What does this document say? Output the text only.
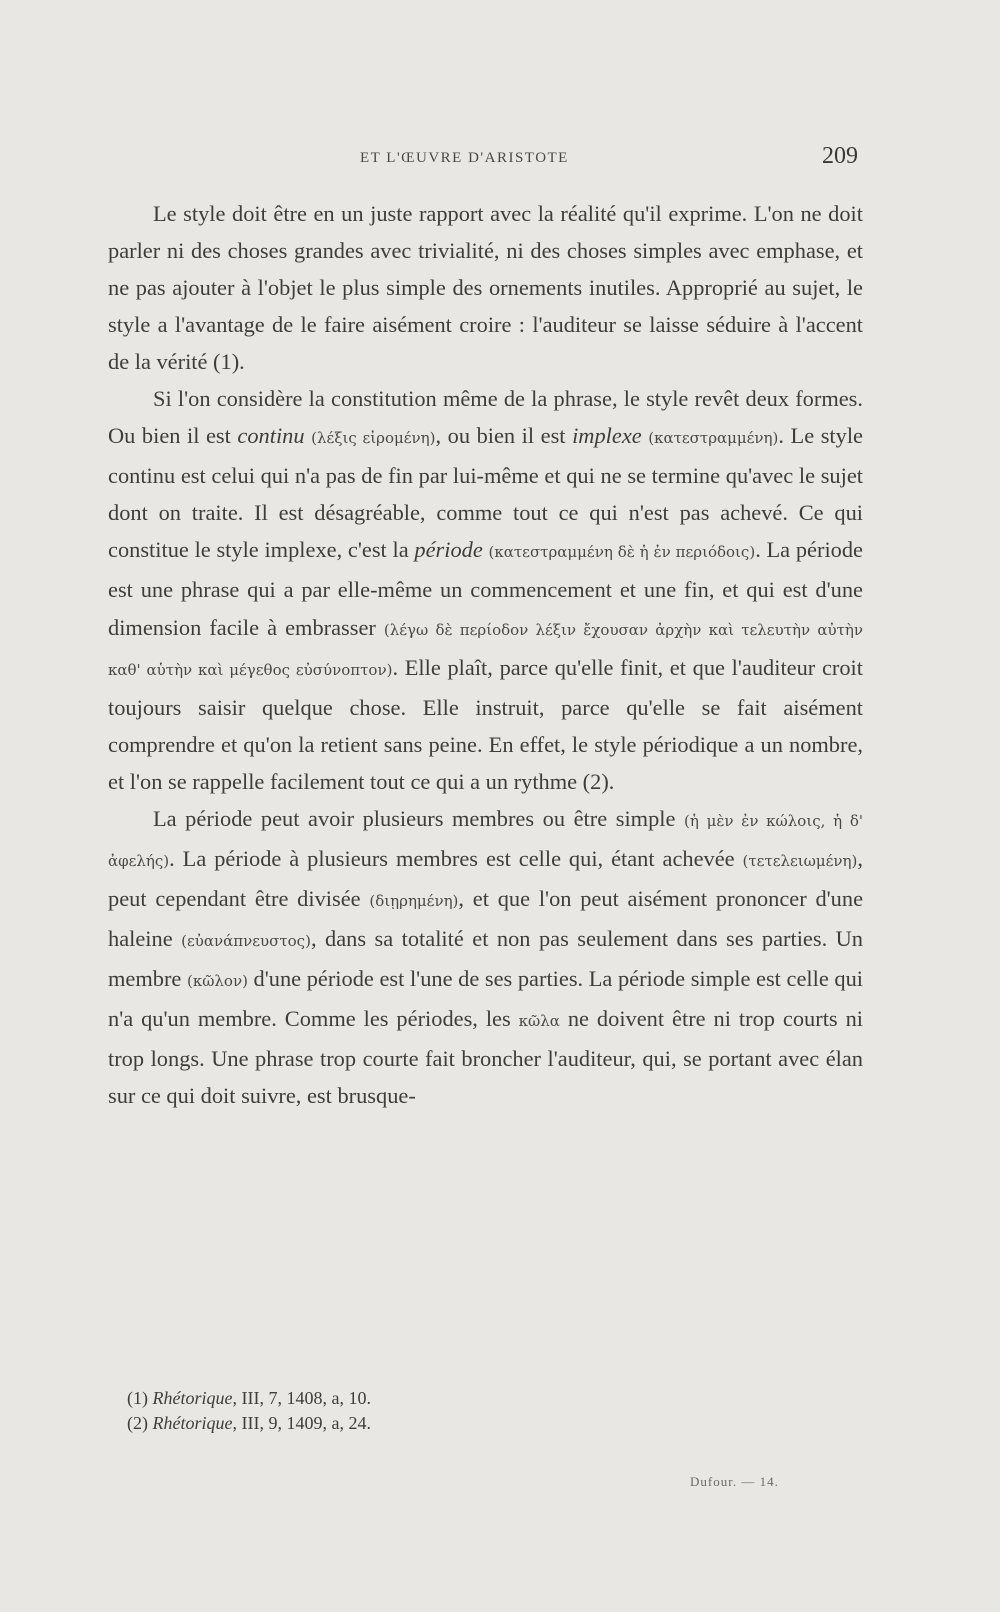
ET L'ŒUVRE D'ARISTOTE	209

Le style doit être en un juste rapport avec la réalité qu'il exprime. L'on ne doit parler ni des choses grandes avec trivialité, ni des choses simples avec emphase, et ne pas ajouter à l'objet le plus simple des ornements inutiles. Approprié au sujet, le style a l'avantage de le faire aisément croire : l'auditeur se laisse séduire à l'accent de la vérité (1).

Si l'on considère la constitution même de la phrase, le style revêt deux formes. Ou bien il est continu (λέξις εἰρομένη), ou bien il est implexe (κατεστραμμένη). Le style continu est celui qui n'a pas de fin par lui-même et qui ne se termine qu'avec le sujet dont on traite. Il est désagréable, comme tout ce qui n'est pas achevé. Ce qui constitue le style implexe, c'est la période (κατεστραμμένη δὲ ἡ ἐν περιόδοις). La période est une phrase qui a par elle-même un commencement et une fin, et qui est d'une dimension facile à embrasser (λέγω δὲ περίοδον λέξιν ἔχουσαν ἀρχὴν καὶ τελευτὴν αὐτὴν καθ' αὑτὴν καὶ μέγεθος εὐσύνοπτον). Elle plaît, parce qu'elle finit, et que l'auditeur croit toujours saisir quelque chose. Elle instruit, parce qu'elle se fait aisément comprendre et qu'on la retient sans peine. En effet, le style périodique a un nombre, et l'on se rappelle facilement tout ce qui a un rythme (2).

La période peut avoir plusieurs membres ou être simple (ἡ μὲν ἐν κώλοις, ἡ δ' ἀφελής). La période à plusieurs membres est celle qui, étant achevée (τετελειωμένη), peut cependant être divisée (διῃρημένη), et que l'on peut aisément prononcer d'une haleine (εὐανάπνευστος), dans sa totalité et non pas seulement dans ses parties. Un membre (κῶλον) d'une période est l'une de ses parties. La période simple est celle qui n'a qu'un membre. Comme les périodes, les κῶλα ne doivent être ni trop courts ni trop longs. Une phrase trop courte fait broncher l'auditeur, qui, se portant avec élan sur ce qui doit suivre, est brusque-

(1) Rhétorique, III, 7, 1408, a, 10.
(2) Rhétorique, III, 9, 1409, a, 24.
Dufour. — 14.
